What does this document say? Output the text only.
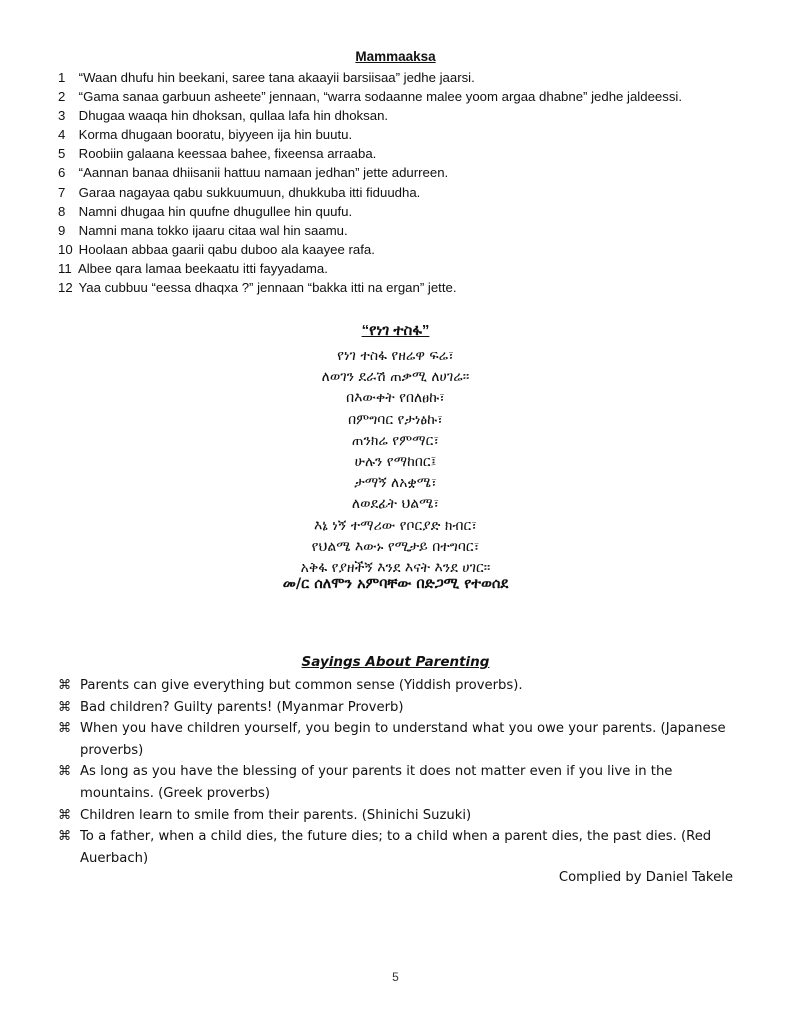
Mammaaksa
1 “Waan dhufu hin beekani, saree tana akaayii barsiisaa” jedhe jaarsi.
2 “Gama sanaa garbuun asheete” jennaan, “warra sodaanne malee yoom argaa dhabne” jedhe jaldeessi.
3 Dhugaa waaqa hin dhoksan, qullaa lafa hin dhoksan.
4 Korma dhugaan booratu, biyyeen ija hin buutu.
5 Roobiin galaana keessaa bahee, fixeensa arraaba.
6 “Aannan banaa dhiisanii hattuu namaan jedhan” jette adurreen.
7 Garaa nagayaa qabu sukkuumuun, dhukkuba itti fiduudha.
8 Namni dhugaa hin quufne dhugullee hin quufu.
9 Namni mana tokko ijaaru citaa wal hin saamu.
10 Hoolaan abbaa gaarii qabu duboo ala kaayee rafa.
11 Albee qara lamaa beekaatu itti fayyadama.
12 Yaa cubbuu “eessa dhaqxa ?” jennaan “bakka itti na ergan” jette.
“የነገ ተስፋ”
የነገ ተስፋ የዘሬዋ ፍሬ፣
ለወገን ደራሽ ጠቃሚ ለሀገሬ፡፡
በእውቀት የበለፀኩ፣
በምግባር የታነፅኩ፣
ጠንክሬ የምማር፣
ሁሉን የማከበር፤
ታማኝ ለአቋሜ፣
ለወደፊት ህልሜ፣
እኔ ነኝ ተማሪው የቦርያድ ክብር፣
የህልሜ እውኑ የሚታይ በተግባር፣
አቅፋ የያዘችኝ እንደ እናት እንደ ሀገር፡፡
መ/ር ሰለሞን አምባቸው በድጋሚ የተወሰደ
Sayings About Parenting
⌘ Parents can give everything but common sense (Yiddish proverbs).
⌘ Bad children? Guilty parents! (Myanmar Proverb)
⌘ When you have children yourself, you begin to understand what you owe your parents. (Japanese proverbs)
⌘ As long as you have the blessing of your parents it does not matter even if you live in the mountains. (Greek proverbs)
⌘ Children learn to smile from their parents. (Shinichi Suzuki)
⌘ To a father, when a child dies, the future dies; to a child when a parent dies, the past dies. (Red Auerbach)
Complied by Daniel Takele
5
